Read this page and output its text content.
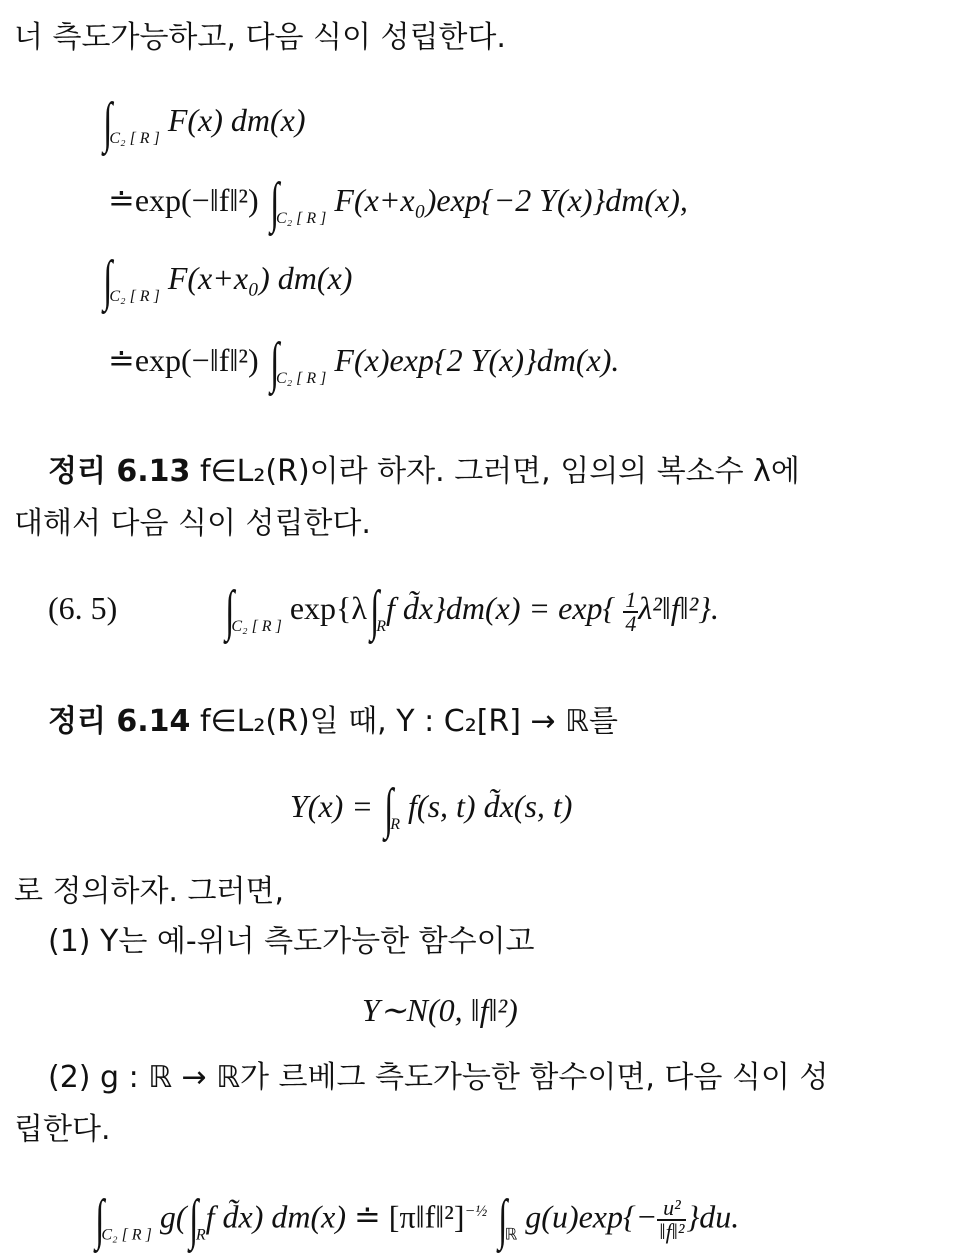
너 측도가능하고, 다음 식이 성립한다.
$\int_{C_2 [ R ]}$ F(x) dm(x)
≐exp(−‖f‖²) $\int_{C_2 [ R ]}$ F(x+x₀)exp{−2 Y(x)}dm(x),
$\int_{C_2 [ R ]}$ F(x+x₀) dm(x)
≐exp(−‖f‖²) $\int_{C_2 [ R ]}$ F(x)exp{2 Y(x)}dm(x).
정리 6.13 f∈L₂(R)이라 하자. 그러면, 임의의 복소수 λ에
대해서 다음 식이 성립한다.
(6. 5) $\int_{C_2 [ R ]}$ $\exp\{\lambda\int_Rf$ d̃x}dm(x) = $\exp\{ \frac{1}{4}$ λ²‖f‖²}.
정리 6.14 f∈L₂(R)일 때, Y : C₂[R] → ℝ를
$Y(x) = \int_R$ f(s, t) d̃x(s, t)
로 정의하자. 그러면,
(1) Y는 예-위너 측도가능한 함수이고
Y∼N(0, ‖f‖²)
(2) g : ℝ → ℝ가 르베그 측도가능한 함수이면, 다음 식이 성
립한다.
$\int_{C_2 [ R ]}$ $g(\int_Rf$ d̃x) dm(x) ≐ [π‖f‖²]$^{-\frac{1}{2}}$ $\int_ℝ$ $g(u)\exp\{- \frac{\text{u²}}{\text{‖f‖²}} \}du$.
